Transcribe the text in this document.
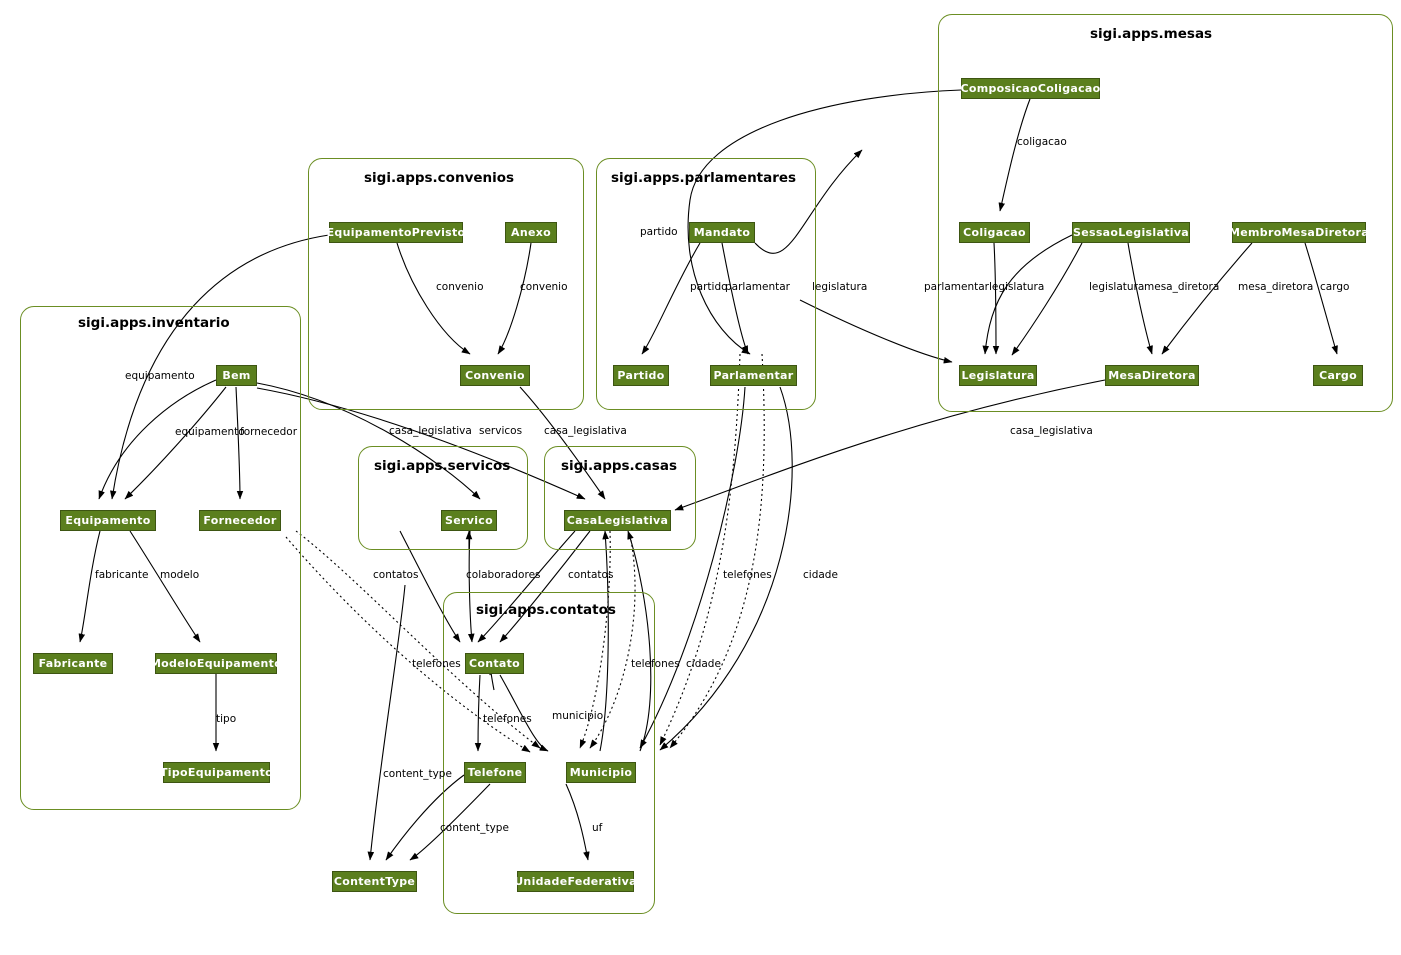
sigi.apps.mesas
sigi.apps.convenios	sigi.apps.parlamentares
sigi.apps.inventario
sigi.apps.servicos	sigi.apps.casas
sigi.apps.contatos
ComposicaoColigacao
Coligacao	SessaoLegislativa	MembroMesaDiretora
Legislatura	MesaDiretora	Cargo
EquipamentoPrevisto	Anexo
Convenio
Mandato
Partido	Parlamentar
Bem
Equipamento	Fornecedor
Fabricante	ModeloEquipamento
TipoEquipamento
Servico	CasaLegislativa
Contato
Telefone	Municipio
ContentType	UnidadeFederativa
coligacao
parlamentar legislatura	legislatura mesa_diretora mesa_diretora cargo
convenio	convenio
partido
partido
parlamentar legislatura
equipamento
equipamento
fornecedor	casa_legislativa servicos casa_legislativa	casa_legislativa
fabricante modelo	contatos	colaboradores	contatos	telefones	cidade
telefones	telefones cidade
tipo	telefones municipio
content_type
content_type	uf
